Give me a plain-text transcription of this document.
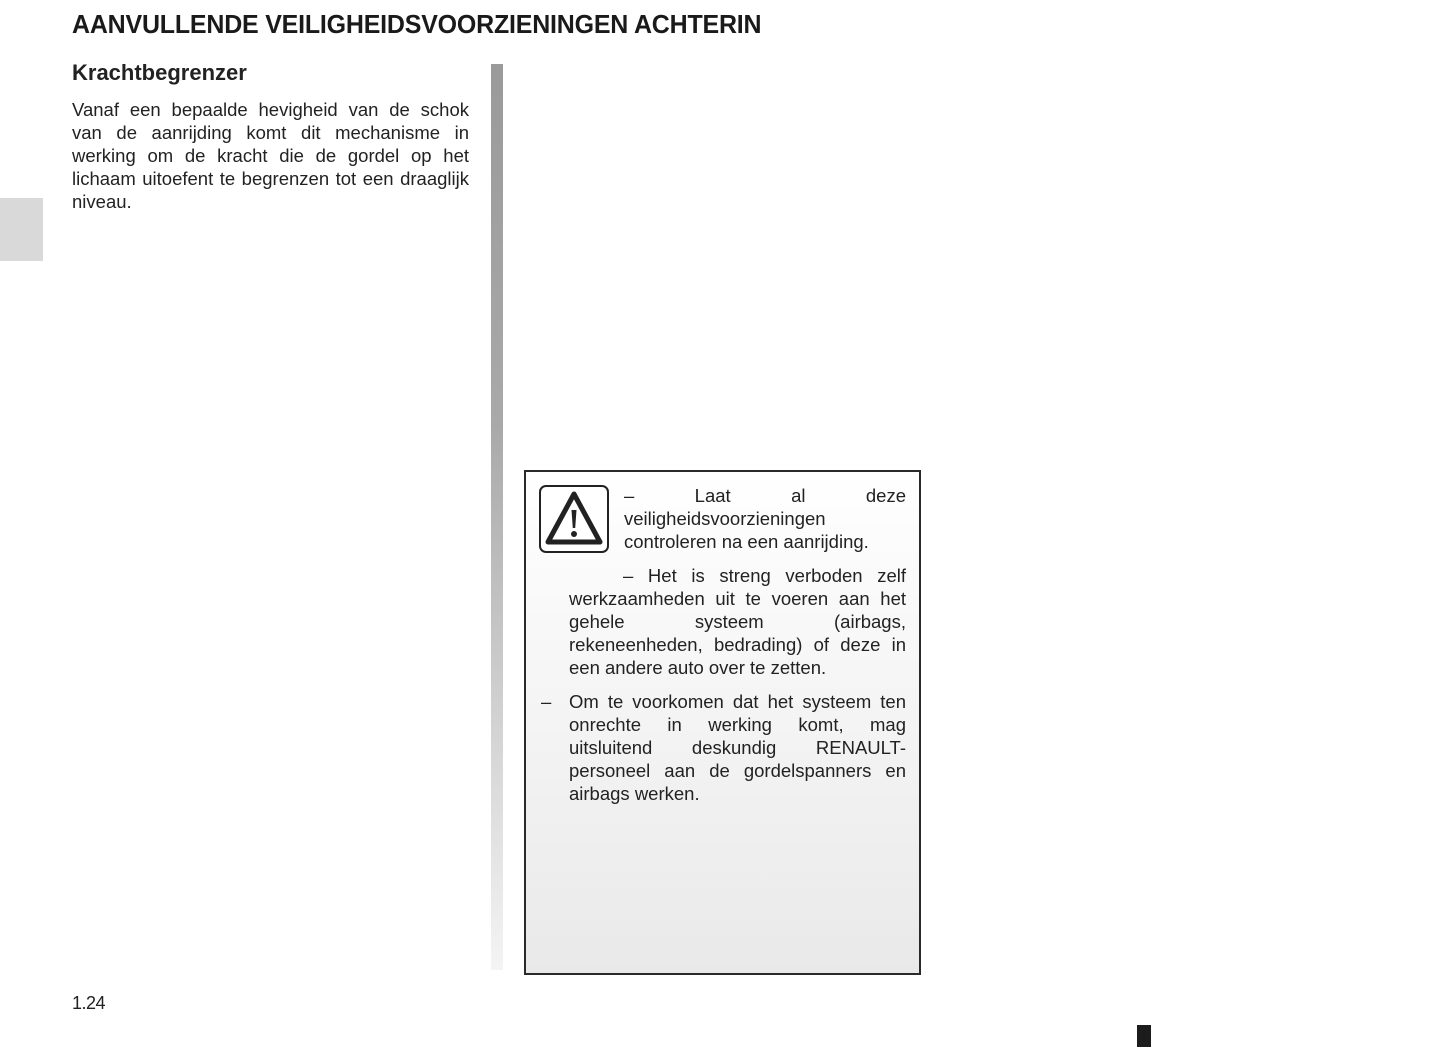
AANVULLENDE VEILIGHEIDSVOORZIENINGEN ACHTERIN
Krachtbegrenzer
Vanaf een bepaalde hevigheid van de schok van de aanrijding komt dit mechanisme in werking om de kracht die de gordel op het lichaam uitoefent te begrenzen tot een draaglijk niveau.
– Laat al deze veiligheidsvoorzieningen controleren na een aanrijding.
– Het is streng verboden zelf werkzaamheden uit te voeren aan het gehele systeem (airbags, rekeneenheden, bedrading) of deze in een andere auto over te zetten.
– Om te voorkomen dat het systeem ten onrechte in werking komt, mag uitsluitend deskundig RENAULT-personeel aan de gordelspanners en airbags werken.
1.24
